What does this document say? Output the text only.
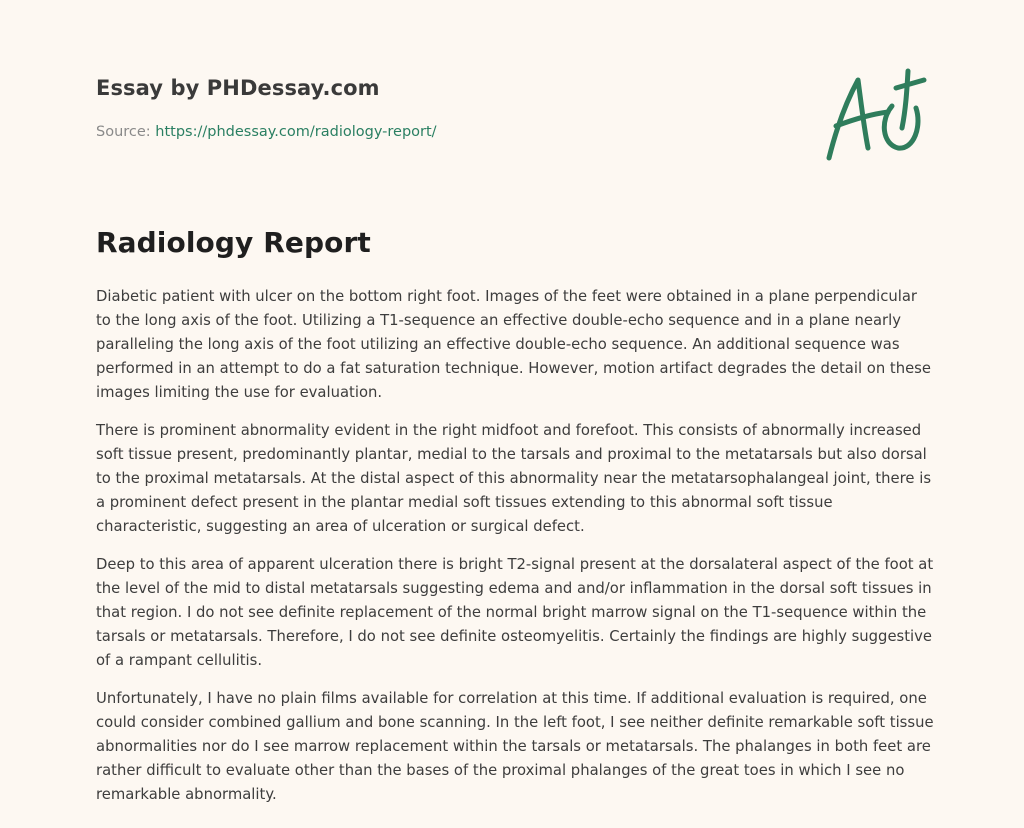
Essay by PHDessay.com
Source: https://phdessay.com/radiology-report/
Radiology Report

Diabetic patient with ulcer on the bottom right foot. Images of the feet were obtained in a plane perpendicular to the long axis of the foot. Utilizing a T1-sequence an effective double-echo sequence and in a plane nearly paralleling the long axis of the foot utilizing an effective double-echo sequence. An additional sequence was performed in an attempt to do a fat saturation technique. However, motion artifact degrades the detail on these images limiting the use for evaluation.

There is prominent abnormality evident in the right midfoot and forefoot. This consists of abnormally increased soft tissue present, predominantly plantar, medial to the tarsals and proximal to the metatarsals but also dorsal to the proximal metatarsals. At the distal aspect of this abnormality near the metatarsophalangeal joint, there is a prominent defect present in the plantar medial soft tissues extending to this abnormal soft tissue characteristic, suggesting an area of ulceration or surgical defect.

Deep to this area of apparent ulceration there is bright T2-signal present at the dorsalateral aspect of the foot at the level of the mid to distal metatarsals suggesting edema and and/or inflammation in the dorsal soft tissues in that region. I do not see definite replacement of the normal bright marrow signal on the T1-sequence within the tarsals or metatarsals. Therefore, I do not see definite osteomyelitis. Certainly the findings are highly suggestive of a rampant cellulitis.

Unfortunately, I have no plain films available for correlation at this time. If additional evaluation is required, one could consider combined gallium and bone scanning. In the left foot, I see neither definite remarkable soft tissue abnormalities nor do I see marrow replacement within the tarsals or metatarsals. The phalanges in both feet are rather difficult to evaluate other than the bases of the proximal phalanges of the great toes in which I see no remarkable abnormality.
